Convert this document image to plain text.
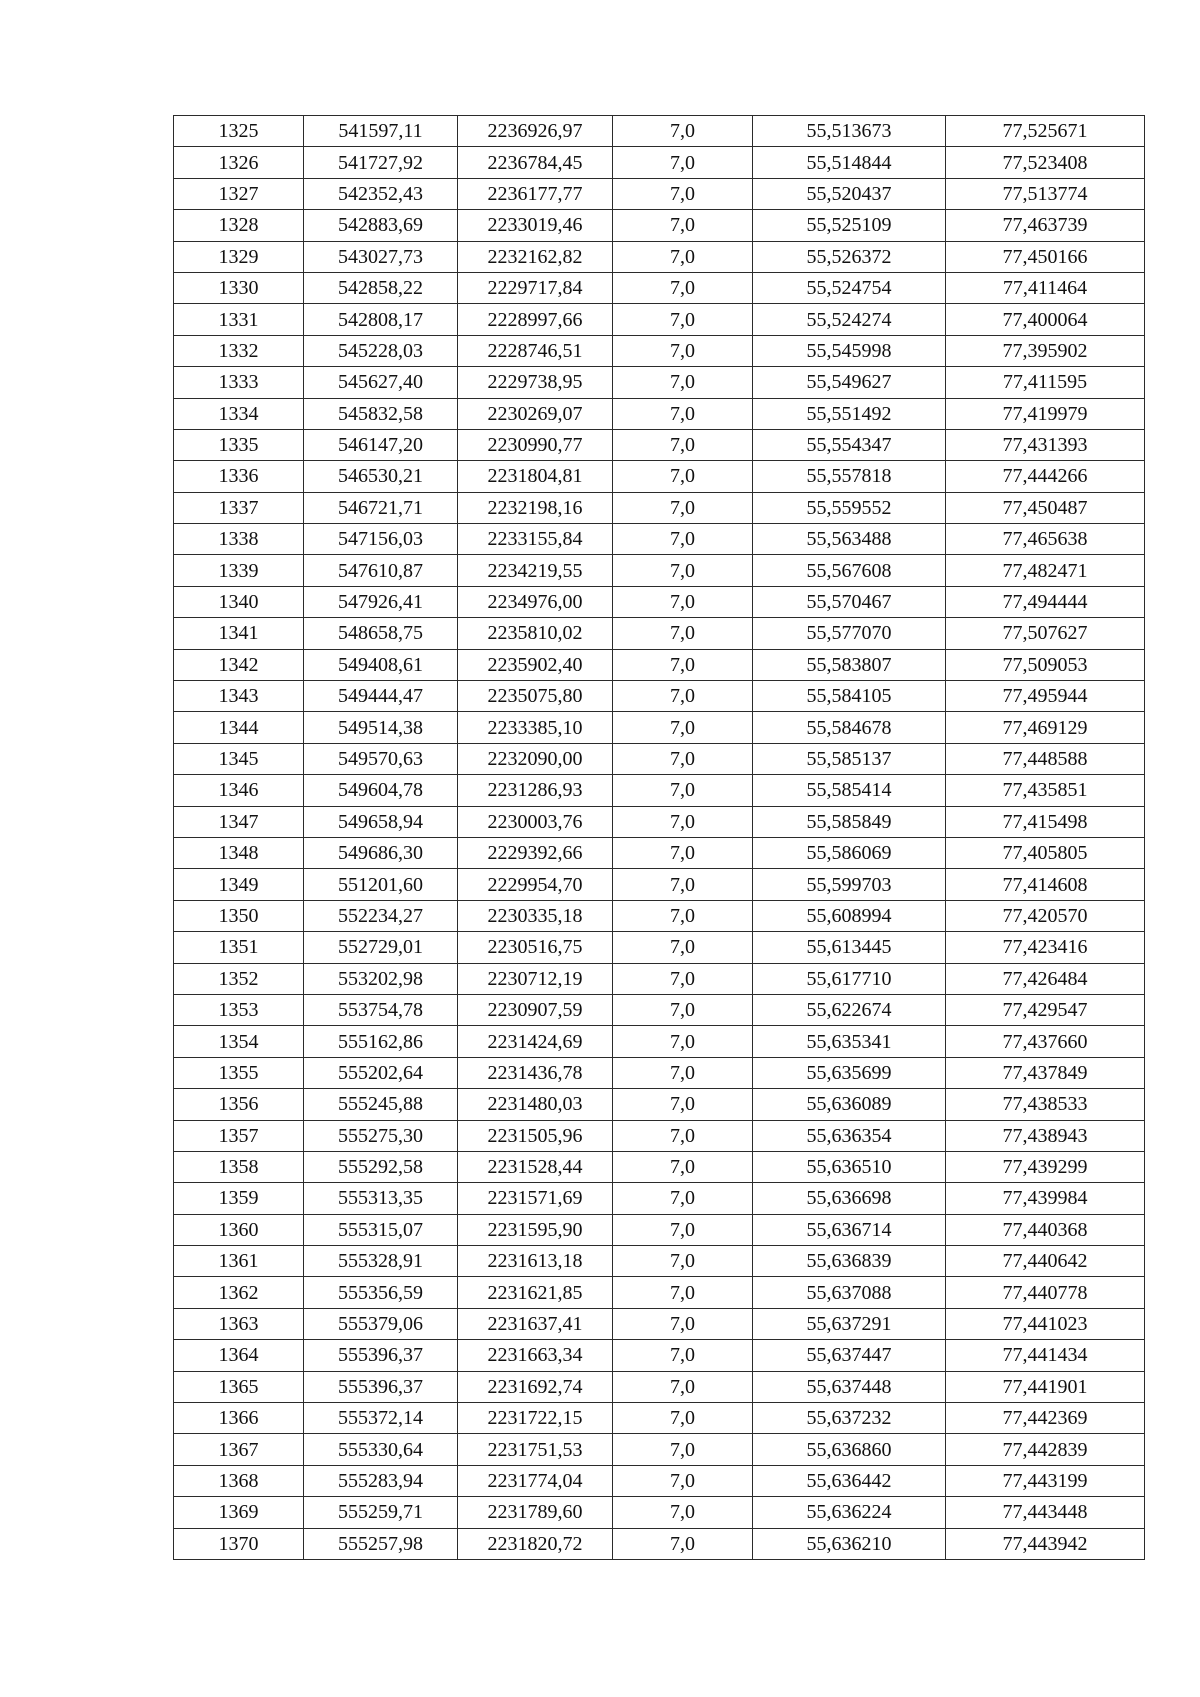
1325	541597,11	2236926,97	7,0	55,513673	77,525671
1326	541727,92	2236784,45	7,0	55,514844	77,523408
1327	542352,43	2236177,77	7,0	55,520437	77,513774
1328	542883,69	2233019,46	7,0	55,525109	77,463739
1329	543027,73	2232162,82	7,0	55,526372	77,450166
1330	542858,22	2229717,84	7,0	55,524754	77,411464
1331	542808,17	2228997,66	7,0	55,524274	77,400064
1332	545228,03	2228746,51	7,0	55,545998	77,395902
1333	545627,40	2229738,95	7,0	55,549627	77,411595
1334	545832,58	2230269,07	7,0	55,551492	77,419979
1335	546147,20	2230990,77	7,0	55,554347	77,431393
1336	546530,21	2231804,81	7,0	55,557818	77,444266
1337	546721,71	2232198,16	7,0	55,559552	77,450487
1338	547156,03	2233155,84	7,0	55,563488	77,465638
1339	547610,87	2234219,55	7,0	55,567608	77,482471
1340	547926,41	2234976,00	7,0	55,570467	77,494444
1341	548658,75	2235810,02	7,0	55,577070	77,507627
1342	549408,61	2235902,40	7,0	55,583807	77,509053
1343	549444,47	2235075,80	7,0	55,584105	77,495944
1344	549514,38	2233385,10	7,0	55,584678	77,469129
1345	549570,63	2232090,00	7,0	55,585137	77,448588
1346	549604,78	2231286,93	7,0	55,585414	77,435851
1347	549658,94	2230003,76	7,0	55,585849	77,415498
1348	549686,30	2229392,66	7,0	55,586069	77,405805
1349	551201,60	2229954,70	7,0	55,599703	77,414608
1350	552234,27	2230335,18	7,0	55,608994	77,420570
1351	552729,01	2230516,75	7,0	55,613445	77,423416
1352	553202,98	2230712,19	7,0	55,617710	77,426484
1353	553754,78	2230907,59	7,0	55,622674	77,429547
1354	555162,86	2231424,69	7,0	55,635341	77,437660
1355	555202,64	2231436,78	7,0	55,635699	77,437849
1356	555245,88	2231480,03	7,0	55,636089	77,438533
1357	555275,30	2231505,96	7,0	55,636354	77,438943
1358	555292,58	2231528,44	7,0	55,636510	77,439299
1359	555313,35	2231571,69	7,0	55,636698	77,439984
1360	555315,07	2231595,90	7,0	55,636714	77,440368
1361	555328,91	2231613,18	7,0	55,636839	77,440642
1362	555356,59	2231621,85	7,0	55,637088	77,440778
1363	555379,06	2231637,41	7,0	55,637291	77,441023
1364	555396,37	2231663,34	7,0	55,637447	77,441434
1365	555396,37	2231692,74	7,0	55,637448	77,441901
1366	555372,14	2231722,15	7,0	55,637232	77,442369
1367	555330,64	2231751,53	7,0	55,636860	77,442839
1368	555283,94	2231774,04	7,0	55,636442	77,443199
1369	555259,71	2231789,60	7,0	55,636224	77,443448
1370	555257,98	2231820,72	7,0	55,636210	77,443942
